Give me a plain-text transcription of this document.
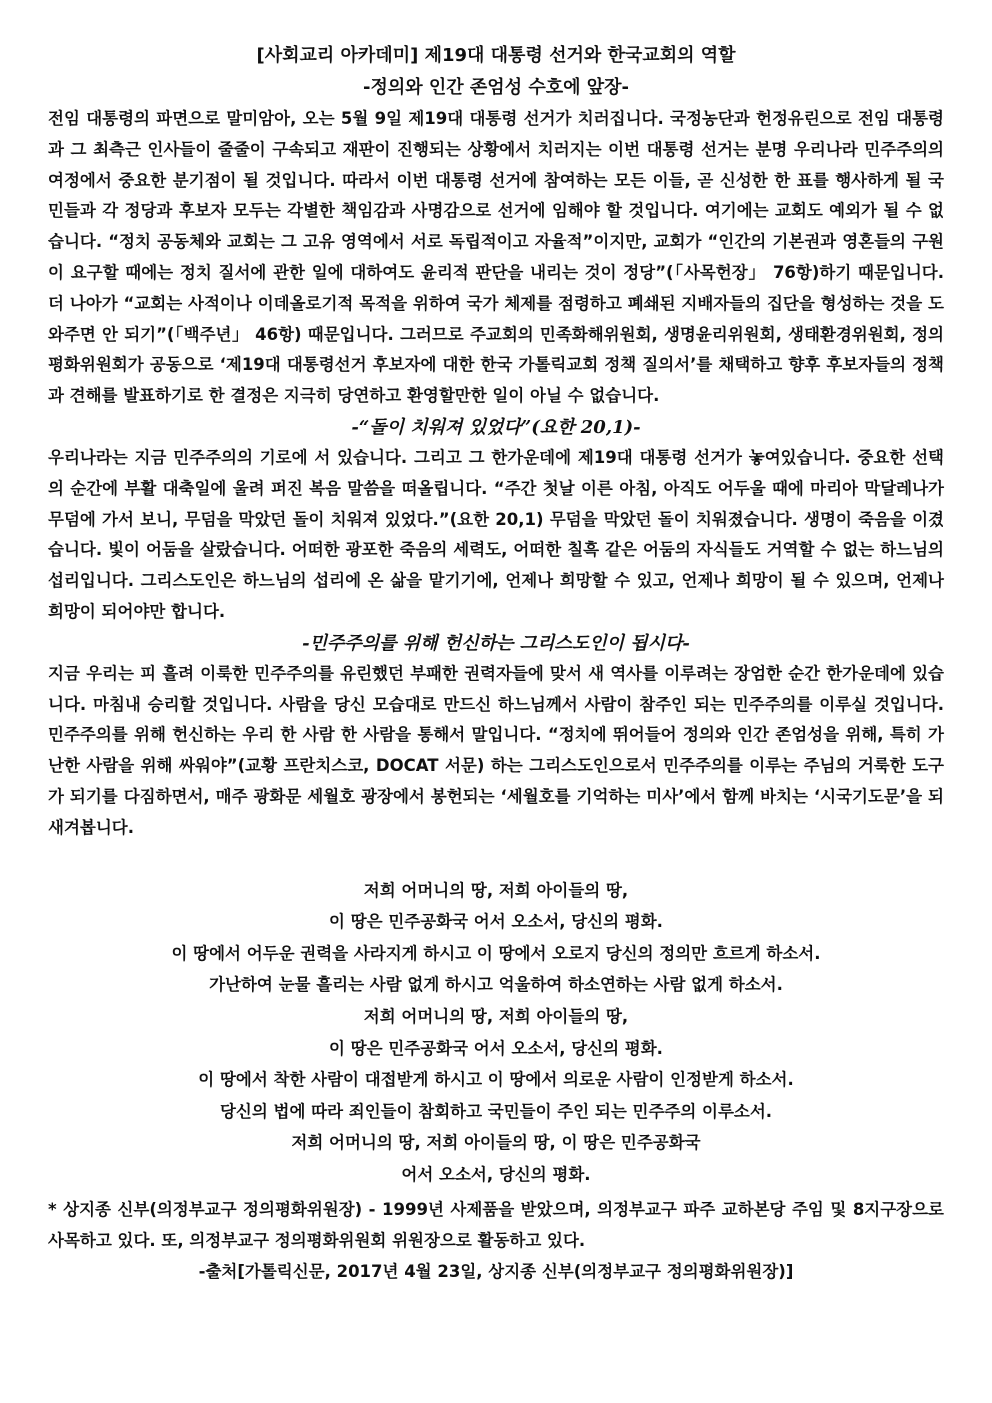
[사회교리 아카데미] 제19대 대통령 선거와 한국교회의 역할
-정의와 인간 존엄성 수호에 앞장-

전임 대통령의 파면으로 말미암아, 오는 5월 9일 제19대 대통령 선거가 치러집니다. 국정농단과 헌정유린으로 전임 대통령과 그 최측근 인사들이 줄줄이 구속되고 재판이 진행되는 상황에서 치러지는 이번 대통령 선거는 분명 우리나라 민주주의의 여정에서 중요한 분기점이 될 것입니다. 따라서 이번 대통령 선거에 참여하는 모든 이들, 곧 신성한 한 표를 행사하게 될 국민들과 각 정당과 후보자 모두는 각별한 책임감과 사명감으로 선거에 임해야 할 것입니다. 여기에는 교회도 예외가 될 수 없습니다. “정치 공동체와 교회는 그 고유 영역에서 서로 독립적이고 자율적”이지만, 교회가 “인간의 기본권과 영혼들의 구원이 요구할 때에는 정치 질서에 관한 일에 대하여도 윤리적 판단을 내리는 것이 정당”(「사목헌장」 76항)하기 때문입니다. 더 나아가 “교회는 사적이나 이데올로기적 목적을 위하여 국가 체제를 점령하고 폐쇄된 지배자들의 집단을 형성하는 것을 도와주면 안 되기”(「백주년」 46항) 때문입니다. 그러므로 주교회의 민족화해위원회, 생명윤리위원회, 생태환경위원회, 정의평화위원회가 공동으로 ‘제19대 대통령선거 후보자에 대한 한국 가톨릭교회 정책 질의서’를 채택하고 향후 후보자들의 정책과 견해를 발표하기로 한 결정은 지극히 당연하고 환영할만한 일이 아닐 수 없습니다.

-“돌이 치워져 있었다”(요한 20,1)-

우리나라는 지금 민주주의의 기로에 서 있습니다. 그리고 그 한가운데에 제19대 대통령 선거가 놓여있습니다. 중요한 선택의 순간에 부활 대축일에 울려 퍼진 복음 말씀을 떠올립니다. “주간 첫날 이른 아침, 아직도 어두울 때에 마리아 막달레나가 무덤에 가서 보니, 무덤을 막았던 돌이 치워져 있었다.”(요한 20,1) 무덤을 막았던 돌이 치워졌습니다. 생명이 죽음을 이겼습니다. 빛이 어둠을 살랐습니다. 어떠한 광포한 죽음의 세력도, 어떠한 칠흑 같은 어둠의 자식들도 거역할 수 없는 하느님의 섭리입니다. 그리스도인은 하느님의 섭리에 온 삶을 맡기기에, 언제나 희망할 수 있고, 언제나 희망이 될 수 있으며, 언제나 희망이 되어야만 합니다.

-민주주의를 위해 헌신하는 그리스도인이 됩시다-

지금 우리는 피 흘려 이룩한 민주주의를 유린했던 부패한 권력자들에 맞서 새 역사를 이루려는 장엄한 순간 한가운데에 있습니다. 마침내 승리할 것입니다. 사람을 당신 모습대로 만드신 하느님께서 사람이 참주인 되는 민주주의를 이루실 것입니다. 민주주의를 위해 헌신하는 우리 한 사람 한 사람을 통해서 말입니다. “정치에 뛰어들어 정의와 인간 존엄성을 위해, 특히 가난한 사람을 위해 싸워야”(교황 프란치스코, DOCAT 서문) 하는 그리스도인으로서 민주주의를 이루는 주님의 거룩한 도구가 되기를 다짐하면서, 매주 광화문 세월호 광장에서 봉헌되는 ‘세월호를 기억하는 미사’에서 함께 바치는 ‘시국기도문’을 되새겨봅니다.

저희 어머니의 땅, 저희 아이들의 땅,
이 땅은 민주공화국 어서 오소서, 당신의 평화.
이 땅에서 어두운 권력을 사라지게 하시고 이 땅에서 오로지 당신의 정의만 흐르게 하소서.
가난하여 눈물 흘리는 사람 없게 하시고 억울하여 하소연하는 사람 없게 하소서.
저희 어머니의 땅, 저희 아이들의 땅,
이 땅은 민주공화국 어서 오소서, 당신의 평화.
이 땅에서 착한 사람이 대접받게 하시고 이 땅에서 의로운 사람이 인정받게 하소서.
당신의 법에 따라 죄인들이 참회하고 국민들이 주인 되는 민주주의 이루소서.
저희 어머니의 땅, 저희 아이들의 땅, 이 땅은 민주공화국
어서 오소서, 당신의 평화.

* 상지종 신부(의정부교구 정의평화위원장) - 1999년 사제품을 받았으며, 의정부교구 파주 교하본당 주임 및 8지구장으로 사목하고 있다. 또, 의정부교구 정의평화위원회 위원장으로 활동하고 있다.

-출처[가톨릭신문, 2017년 4월 23일, 상지종 신부(의정부교구 정의평화위원장)]
